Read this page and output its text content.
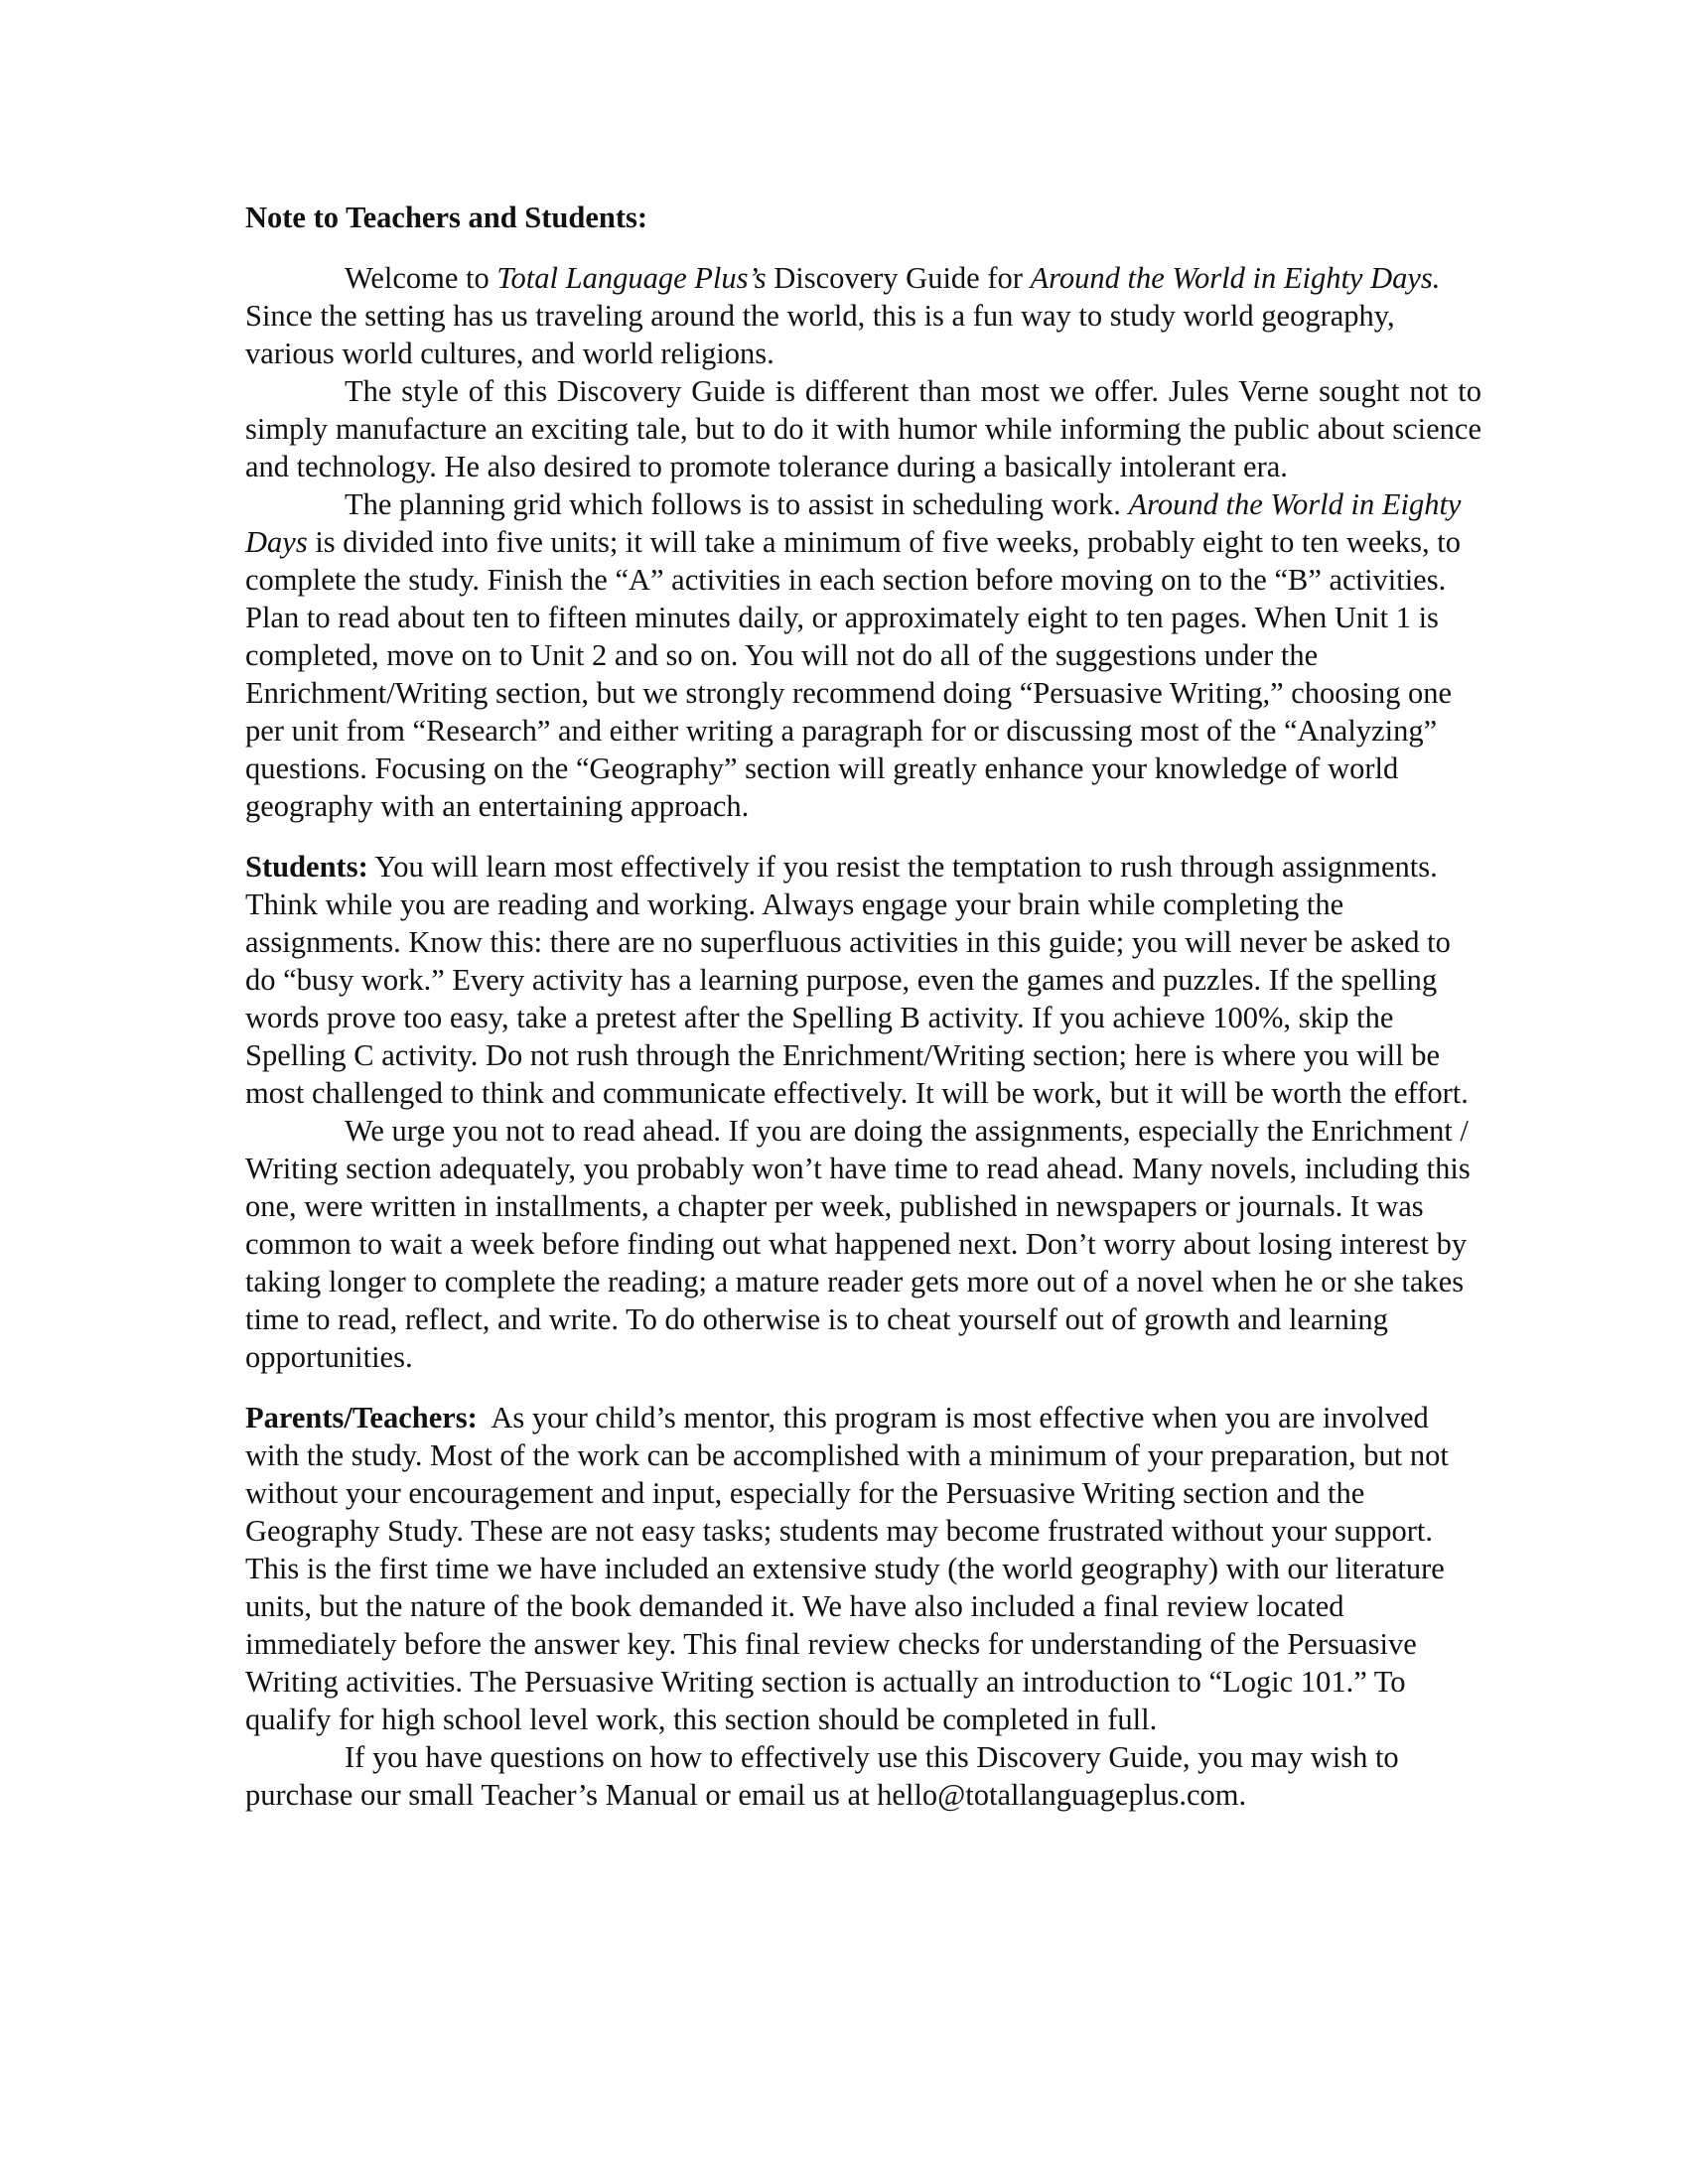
Note to Teachers and Students:

Welcome to Total Language Plus’s Discovery Guide for Around the World in Eighty Days. Since the setting has us traveling around the world, this is a fun way to study world geography, various world cultures, and world religions.

The style of this Discovery Guide is different than most we offer. Jules Verne sought not to simply manufacture an exciting tale, but to do it with humor while informing the public about science and technology. He also desired to promote tolerance during a basically intolerant era.

The planning grid which follows is to assist in scheduling work. Around the World in Eighty Days is divided into five units; it will take a minimum of five weeks, probably eight to ten weeks, to complete the study. Finish the “A” activities in each section before moving on to the “B” activities. Plan to read about ten to fifteen minutes daily, or approximately eight to ten pages. When Unit 1 is completed, move on to Unit 2 and so on. You will not do all of the suggestions under the Enrichment/Writing section, but we strongly recommend doing “Persuasive Writing,” choosing one per unit from “Research” and either writing a paragraph for or discussing most of the “Analyzing” questions. Focusing on the “Geography” section will greatly enhance your knowledge of world geography with an entertaining approach.

Students: You will learn most effectively if you resist the temptation to rush through assignments. Think while you are reading and working. Always engage your brain while completing the assignments. Know this: there are no superfluous activities in this guide; you will never be asked to do “busy work.” Every activity has a learning purpose, even the games and puzzles. If the spelling words prove too easy, take a pretest after the Spelling B activity. If you achieve 100%, skip the Spelling C activity. Do not rush through the Enrichment/Writing section; here is where you will be most challenged to think and communicate effectively. It will be work, but it will be worth the effort.

We urge you not to read ahead. If you are doing the assignments, especially the Enrichment / Writing section adequately, you probably won’t have time to read ahead. Many novels, including this one, were written in installments, a chapter per week, published in newspapers or journals. It was common to wait a week before finding out what happened next. Don’t worry about losing interest by taking longer to complete the reading; a mature reader gets more out of a novel when he or she takes time to read, reflect, and write. To do otherwise is to cheat yourself out of growth and learning opportunities.

Parents/Teachers:  As your child’s mentor, this program is most effective when you are involved with the study. Most of the work can be accomplished with a minimum of your preparation, but not without your encouragement and input, especially for the Persuasive Writing section and the Geography Study. These are not easy tasks; students may become frustrated without your support. This is the first time we have included an extensive study (the world geography) with our literature units, but the nature of the book demanded it. We have also included a final review located immediately before the answer key. This final review checks for understanding of the Persuasive Writing activities. The Persuasive Writing section is actually an introduction to “Logic 101.” To qualify for high school level work, this section should be completed in full.

If you have questions on how to effectively use this Discovery Guide, you may wish to purchase our small Teacher’s Manual or email us at hello@totallanguageplus.com.
